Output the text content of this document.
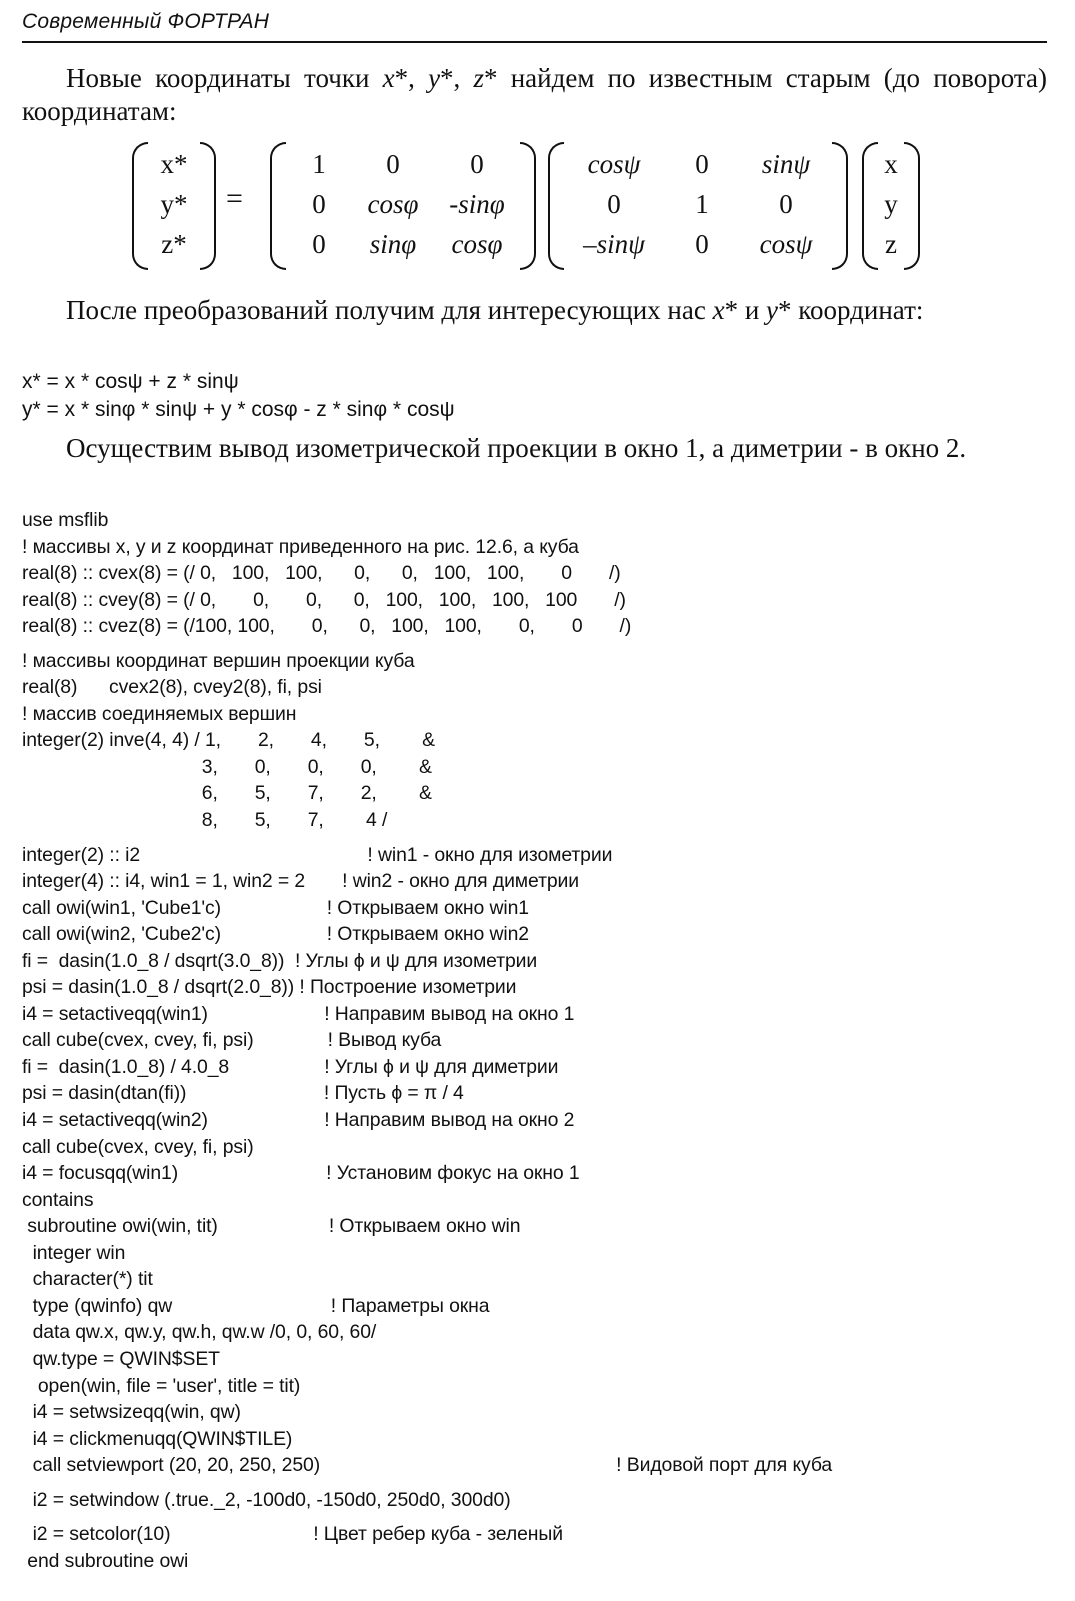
Современный ФОРТРАН

Новые координаты точки x*, y*, z* найдем по известным старым (до поворота) координатам:

x*
y*
z*
=
1	0	0
0	cosφ	-sinφ
0	sinφ	cosφ
cosψ	0	sinψ
0	1	0
–sinψ	0	cosψ
x
y
z

После преобразований получим для интересующих нас x* и y* координат:

x* = x * cosψ + z * sinψ
y* = x * sinφ * sinψ + y * cosφ - z * sinφ * cosψ

Осуществим вывод изометрической проекции в окно 1, а диметрии - в окно 2.

use msflib
! массивы x, y и z координат приведенного на рис. 12.6, а куба
real(8) :: cvex(8) = (/ 0,   100,   100,      0,      0,   100,   100,       0       /)
real(8) :: cvey(8) = (/ 0,       0,       0,      0,   100,   100,   100,   100       /)
real(8) :: cvez(8) = (/100, 100,       0,      0,   100,   100,       0,       0       /)
! массивы координат вершин проекции куба
real(8)      cvex2(8), cvey2(8), fi, psi
! массив соединяемых вершин
integer(2) inve(4, 4) / 1,       2,       4,       5,        &
3,       0,       0,       0,        &
6,       5,       7,       2,        &
8,       5,       7,        4 /
integer(2) :: i2                                           ! win1 - окно для изометрии
integer(4) :: i4, win1 = 1, win2 = 2       ! win2 - окно для диметрии
call owi(win1, 'Cube1'c)                    ! Открываем окно win1
call owi(win2, 'Cube2'c)                    ! Открываем окно win2
fi =  dasin(1.0_8 / dsqrt(3.0_8))  ! Углы ϕ и ψ для изометрии
psi = dasin(1.0_8 / dsqrt(2.0_8)) ! Построение изометрии
i4 = setactiveqq(win1)                      ! Направим вывод на окно 1
call cube(cvex, cvey, fi, psi)              ! Вывод куба
fi =  dasin(1.0_8) / 4.0_8                  ! Углы ϕ и ψ для диметрии
psi = dasin(dtan(fi))                          ! Пусть ϕ = π / 4
i4 = setactiveqq(win2)                      ! Направим вывод на окно 2
call cube(cvex, cvey, fi, psi)
i4 = focusqq(win1)                            ! Установим фокус на окно 1
contains
subroutine owi(win, tit)                     ! Открываем окно win
integer win
character(*) tit
type (qwinfo) qw                              ! Параметры окна
data qw.x, qw.y, qw.h, qw.w /0, 0, 60, 60/
qw.type = QWIN$SET
open(win, file = 'user', title = tit)
i4 = setwsizeqq(win, qw)
i4 = clickmenuqq(QWIN$TILE)
call setviewport (20, 20, 250, 250)                                                        ! Видовой порт для куба
i2 = setwindow (.true._2, -100d0, -150d0, 250d0, 300d0)
i2 = setcolor(10)                           ! Цвет ребер куба - зеленый
end subroutine owi
